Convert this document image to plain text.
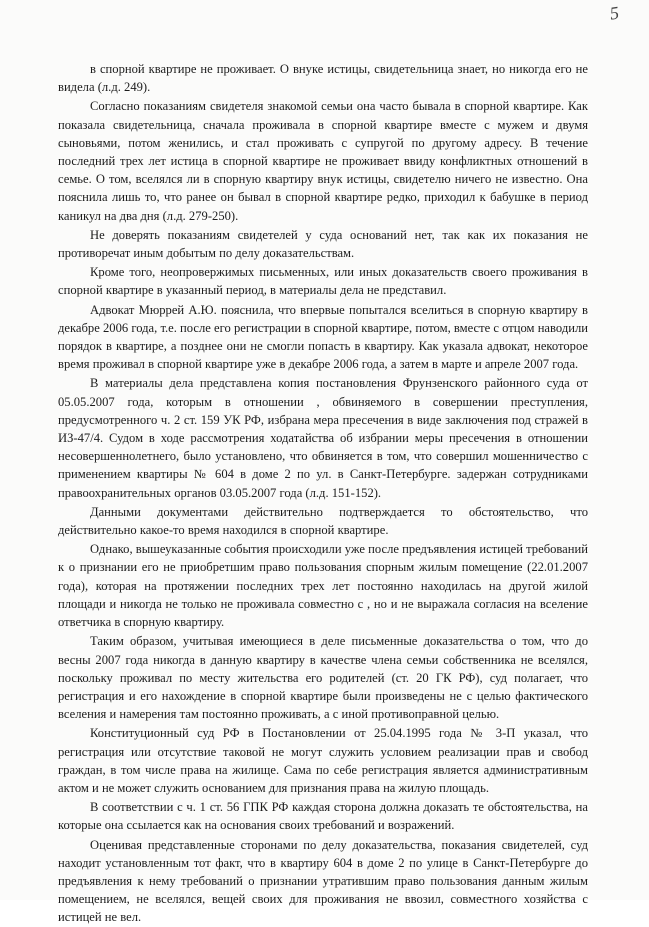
5

в спорной квартире не проживает. О внуке истицы, свидетельница знает, но никогда его не видела (л.д. 249).

Согласно показаниям свидетеля знакомой семьи она часто бывала в спорной квартире. Как показала свидетельница, сначала проживала в спорной квартире вместе с мужем и двумя сыновьями, потом женились, и стал проживать с супругой по другому адресу. В течение последний трех лет истица в спорной квартире не проживает ввиду конфликтных отношений в семье. О том, вселялся ли в спорную квартиру внук истицы, свидетелю ничего не известно. Она пояснила лишь то, что ранее он бывал в спорной квартире редко, приходил к бабушке в период каникул на два дня (л.д. 279-250).

Не доверять показаниям свидетелей у суда оснований нет, так как их показания не противоречат иным добытым по делу доказательствам.

Кроме того, неопровержимых письменных, или иных доказательств своего проживания в спорной квартире в указанный период, в материалы дела не представил.

Адвокат Мюррей А.Ю. пояснила, что впервые попытался вселиться в спорную квартиру в декабре 2006 года, т.е. после его регистрации в спорной квартире, потом, вместе с отцом наводили порядок в квартире, а позднее они не смогли попасть в квартиру. Как указала адвокат, некоторое время проживал в спорной квартире уже в декабре 2006 года, а затем в марте и апреле 2007 года.

В материалы дела представлена копия постановления Фрунзенского районного суда от 05.05.2007 года, которым в отношении , обвиняемого в совершении преступления, предусмотренного ч. 2 ст. 159 УК РФ, избрана мера пресечения в виде заключения под стражей в ИЗ-47/4. Судом в ходе рассмотрения ходатайства об избрании меры пресечения в отношении несовершеннолетнего, было установлено, что обвиняется в том, что совершил мошенничество с применением квартиры № 604 в доме 2 по ул. в Санкт-Петербурге. задержан сотрудниками правоохранительных органов 03.05.2007 года (л.д. 151-152).

Данными документами действительно подтверждается то обстоятельство, что действительно какое-то время находился в спорной квартире.

Однако, вышеуказанные события происходили уже после предъявления истицей требований к о признании его не приобретшим право пользования спорным жилым помещение (22.01.2007 года), которая на протяжении последних трех лет постоянно находилась на другой жилой площади и никогда не только не проживала совместно с , но и не выражала согласия на вселение ответчика в спорную квартиру.

Таким образом, учитывая имеющиеся в деле письменные доказательства о том, что до весны 2007 года никогда в данную квартиру в качестве члена семьи собственника не вселялся, поскольку проживал по месту жительства его родителей (ст. 20 ГК РФ), суд полагает, что регистрация и его нахождение в спорной квартире были произведены не с целью фактического вселения и намерения там постоянно проживать, а с иной противоправной целью.

Конституционный суд РФ в Постановлении от 25.04.1995 года № 3-П указал, что регистрация или отсутствие таковой не могут служить условием реализации прав и свобод граждан, в том числе права на жилище. Сама по себе регистрация является административным актом и не может служить основанием для признания права на жилую площадь.

В соответствии с ч. 1 ст. 56 ГПК РФ каждая сторона должна доказать те обстоятельства, на которые она ссылается как на основания своих требований и возражений.

Оценивая представленные сторонами по делу доказательства, показания свидетелей, суд находит установленным тот факт, что в квартиру 604 в доме 2 по улице в Санкт-Петербурге до предъявления к нему требований о признании утратившим право пользования данным жилым помещением, не вселялся, вещей своих для проживания не ввозил, совместного хозяйства с истицей не вел.
